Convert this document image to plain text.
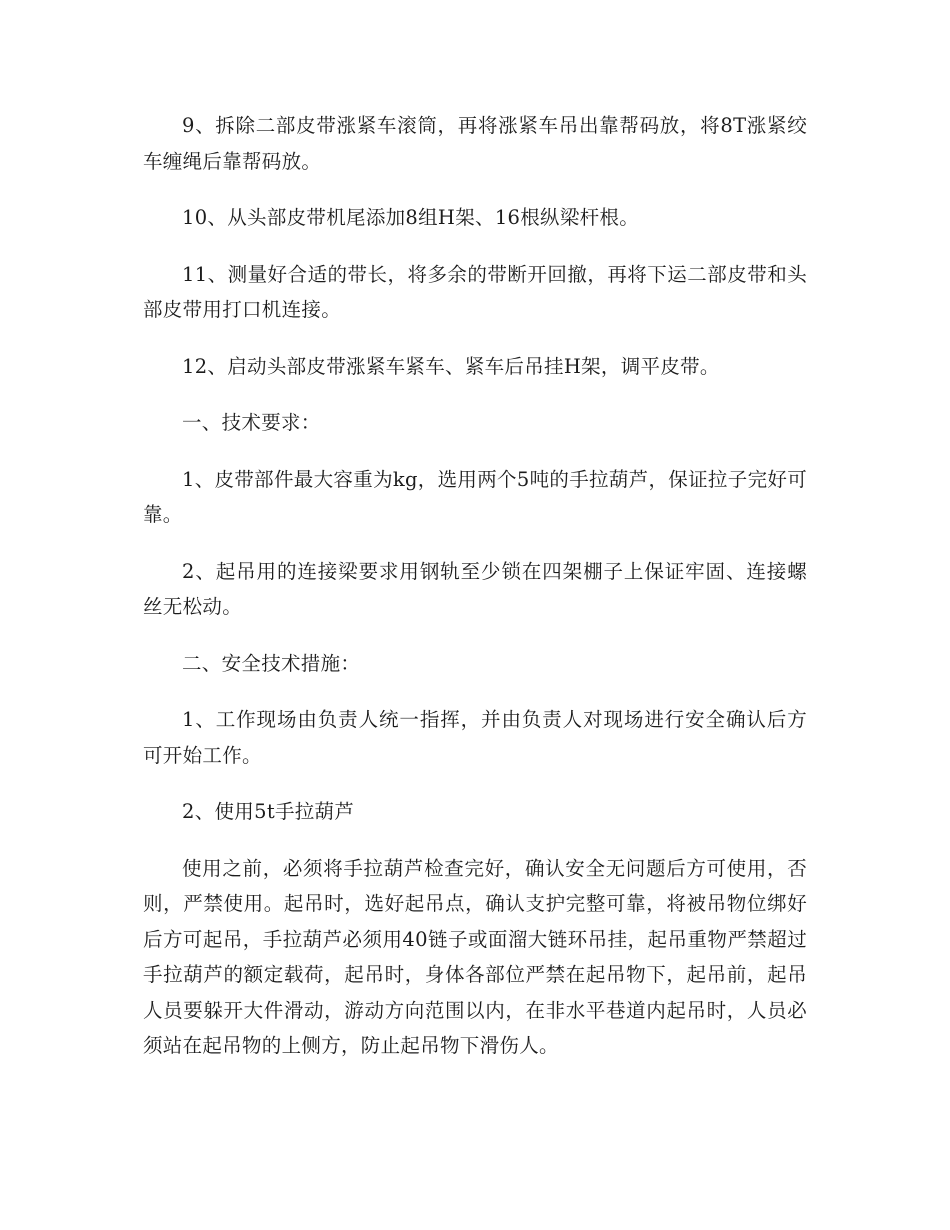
9、拆除二部皮带涨紧车滚筒，再将涨紧车吊出靠帮码放，将8T涨紧绞车缠绳后靠帮码放。

10、从头部皮带机尾添加8组H架、16根纵梁杆根。

11、测量好合适的带长，将多余的带断开回撤，再将下运二部皮带和头部皮带用打口机连接。

12、启动头部皮带涨紧车紧车、紧车后吊挂H架，调平皮带。

一、技术要求：

1、皮带部件最大容重为kg，选用两个5吨的手拉葫芦，保证拉子完好可靠。

2、起吊用的连接梁要求用钢轨至少锁在四架棚子上保证牢固、连接螺丝无松动。

二、安全技术措施：

1、工作现场由负责人统一指挥，并由负责人对现场进行安全确认后方可开始工作。

2、使用5t手拉葫芦

使用之前，必须将手拉葫芦检查完好，确认安全无问题后方可使用，否则，严禁使用。起吊时，选好起吊点，确认支护完整可靠，将被吊物位绑好后方可起吊，手拉葫芦必须用40链子或面溜大链环吊挂，起吊重物严禁超过手拉葫芦的额定载荷，起吊时，身体各部位严禁在起吊物下，起吊前，起吊人员要躲开大件滑动，游动方向范围以内，在非水平巷道内起吊时，人员必须站在起吊物的上侧方，防止起吊物下滑伤人。
